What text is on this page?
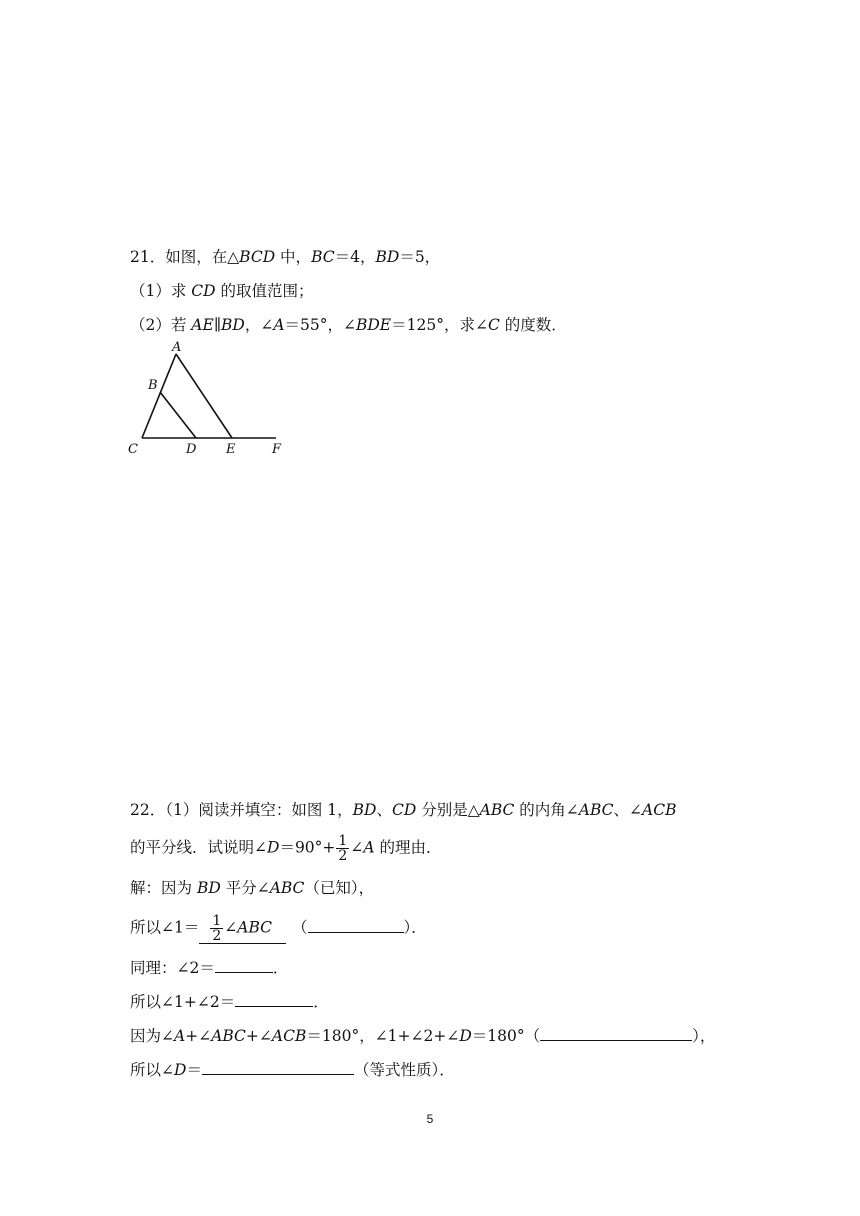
21．如图，在△BCD 中，BC＝4，BD＝5，
（1）求 CD 的取值范围；
（2）若 AE∥BD，∠A＝55°，∠BDE＝125°，求∠C 的度数．
A
B
C	D E	F
22．（1）阅读并填空：如图 1，BD、CD 分别是△ABC 的内角∠ABC、∠ACB
的平分线．试说明∠D＝90°+ $\frac{1}{2}$ ∠A 的理由．
解：因为 BD 平分∠ABC（已知），
所以∠1＝ $\frac{1}{2}$ ∠ABC （	）．
同理：∠2＝	．
所以∠1+∠2＝	．
因为∠A+∠ABC+∠ACB＝180°，∠1+∠2+∠D＝180°（	），
所以∠D＝	（等式性质）．
5
